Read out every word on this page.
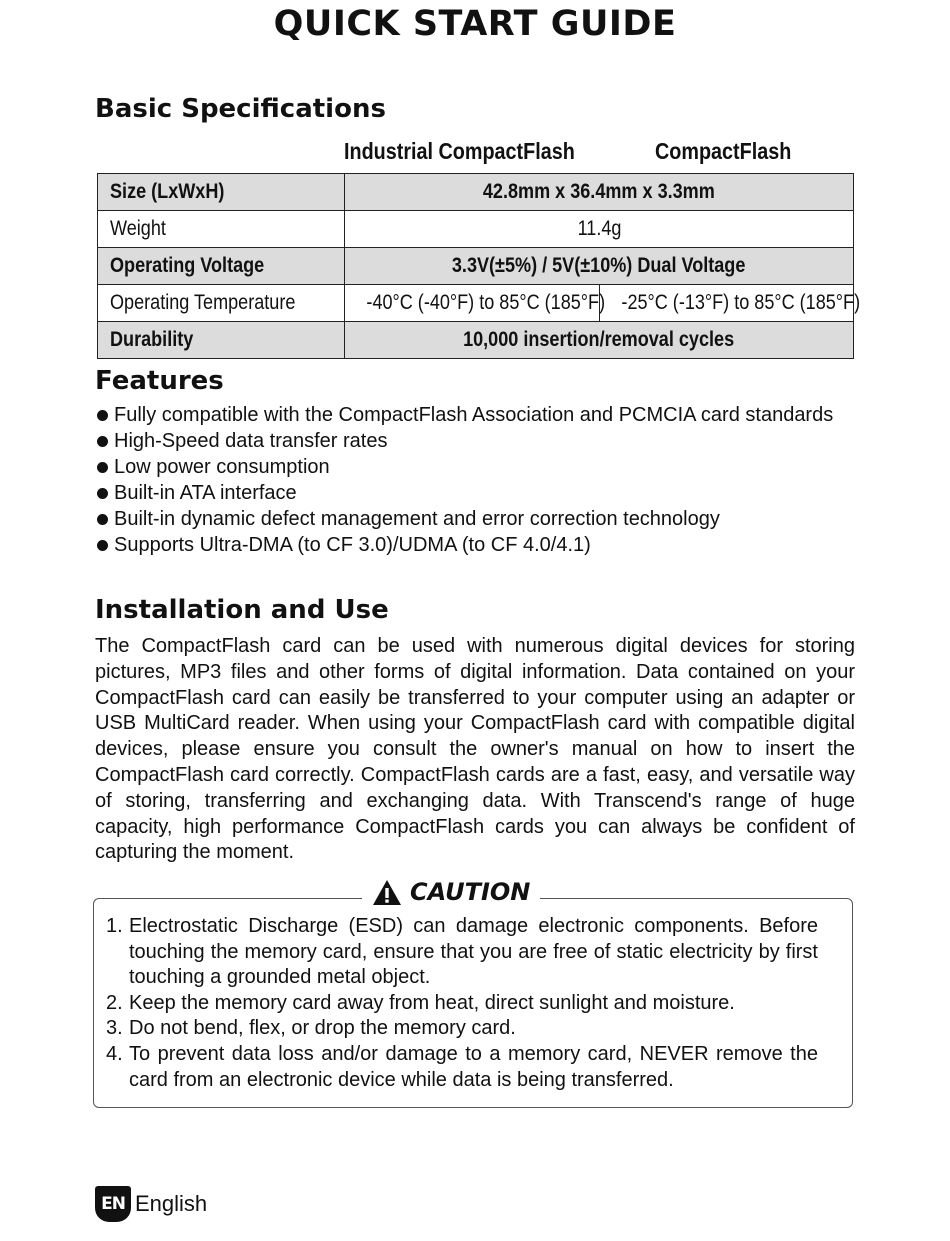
QUICK START GUIDE
Basic Specifications
Industrial CompactFlash	CompactFlash
Size (LxWxH)	42.8mm x 36.4mm x 3.3mm	
Weight	11.4g	
Operating Voltage	3.3V(±5%) / 5V(±10%) Dual Voltage	
Operating Temperature	-40°C (-40°F) to 85°C (185°F)	-25°C (-13°F) to 85°C (185°F)
Durability	10,000 insertion/removal cycles	
Features
Fully compatible with the CompactFlash Association and PCMCIA card standards
High-Speed data transfer rates
Low power consumption
Built-in ATA interface
Built-in dynamic defect management and error correction technology
Supports Ultra-DMA (to CF 3.0)/UDMA (to CF 4.0/4.1)
Installation and Use

The CompactFlash card can be used with numerous digital devices for storing pictures, MP3 files and other forms of digital information. Data contained on your CompactFlash card can easily be transferred to your computer using an adapter or USB MultiCard reader. When using your CompactFlash card with compatible digital devices, please ensure you consult the owner's manual on how to insert the CompactFlash card correctly. CompactFlash cards are a fast, easy, and versatile way of storing, transferring and exchanging data. With Transcend's range of huge capacity, high performance CompactFlash cards you can always be confident of capturing the moment.

CAUTION
1. Electrostatic Discharge (ESD) can damage electronic components. Before touching the memory card, ensure that you are free of static electricity by first touching a grounded metal object.
2. Keep the memory card away from heat, direct sunlight and moisture.
3. Do not bend, flex, or drop the memory card.
4. To prevent data loss and/or damage to a memory card, NEVER remove the card from an electronic device while data is being transferred.
EN English
